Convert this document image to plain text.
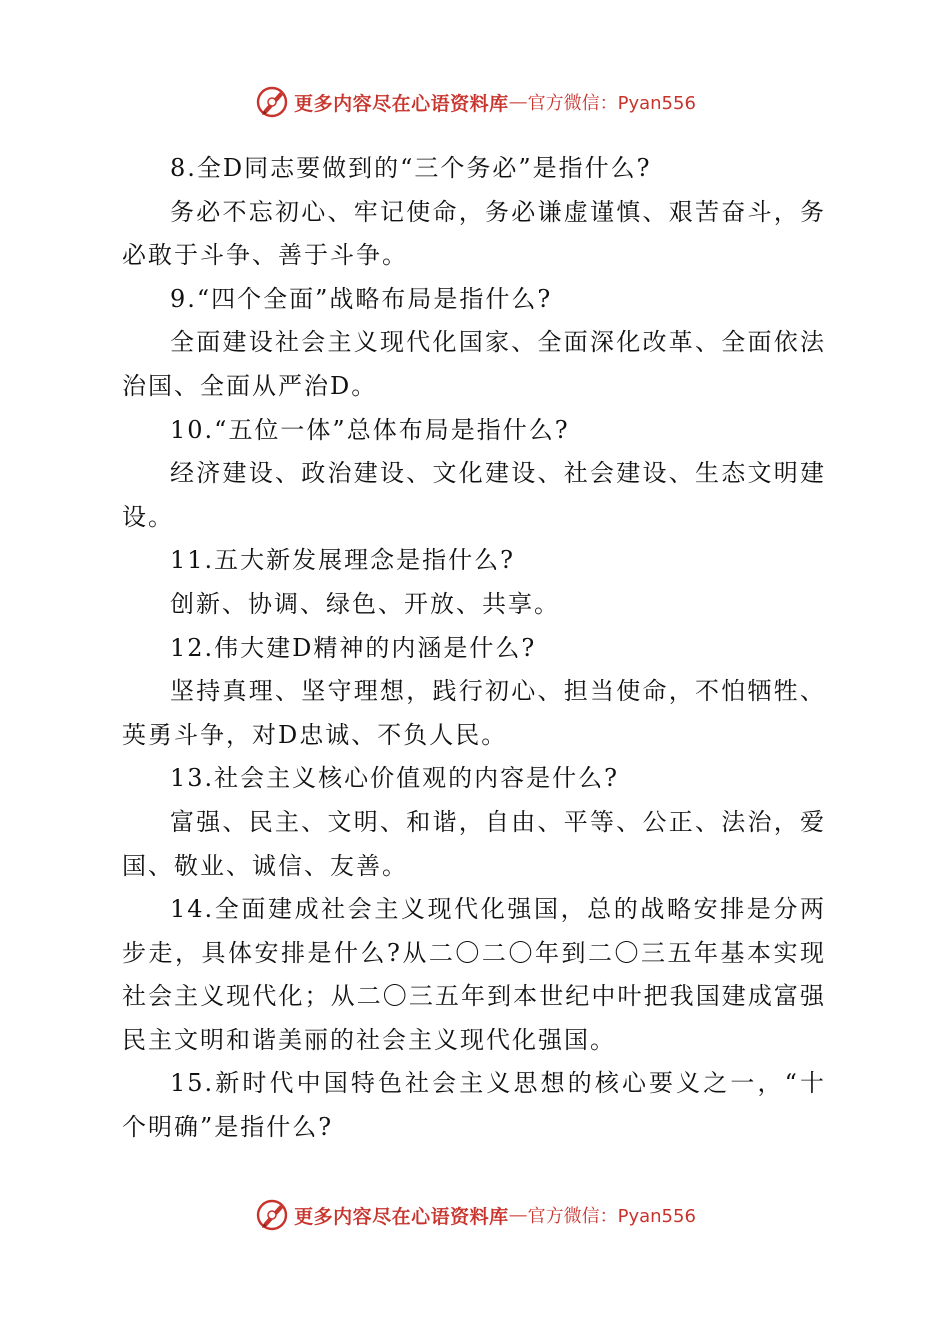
更多内容尽在心语资料库 — 官方微信：Pyan556

8.全D同志要做到的“三个务必”是指什么?

务必不忘初心、牢记使命，务必谦虚谨慎、艰苦奋斗，务必敢于斗争、善于斗争。

9.“四个全面”战略布局是指什么?

全面建设社会主义现代化国家、全面深化改革、全面依法治国、全面从严治D。

10.“五位一体”总体布局是指什么?

经济建设、政治建设、文化建设、社会建设、生态文明建设。

11.五大新发展理念是指什么?

创新、协调、绿色、开放、共享。

12.伟大建D精神的内涵是什么?

坚持真理、坚守理想，践行初心、担当使命，不怕牺牲、英勇斗争，对D忠诚、不负人民。

13.社会主义核心价值观的内容是什么?

富强、民主、文明、和谐，自由、平等、公正、法治，爱国、敬业、诚信、友善。

14.全面建成社会主义现代化强国，总的战略安排是分两步走，具体安排是什么?从二〇二〇年到二〇三五年基本实现社会主义现代化；从二〇三五年到本世纪中叶把我国建成富强民主文明和谐美丽的社会主义现代化强国。

15.新时代中国特色社会主义思想的核心要义之一，“十个明确”是指什么?

更多内容尽在心语资料库 — 官方微信：Pyan556
